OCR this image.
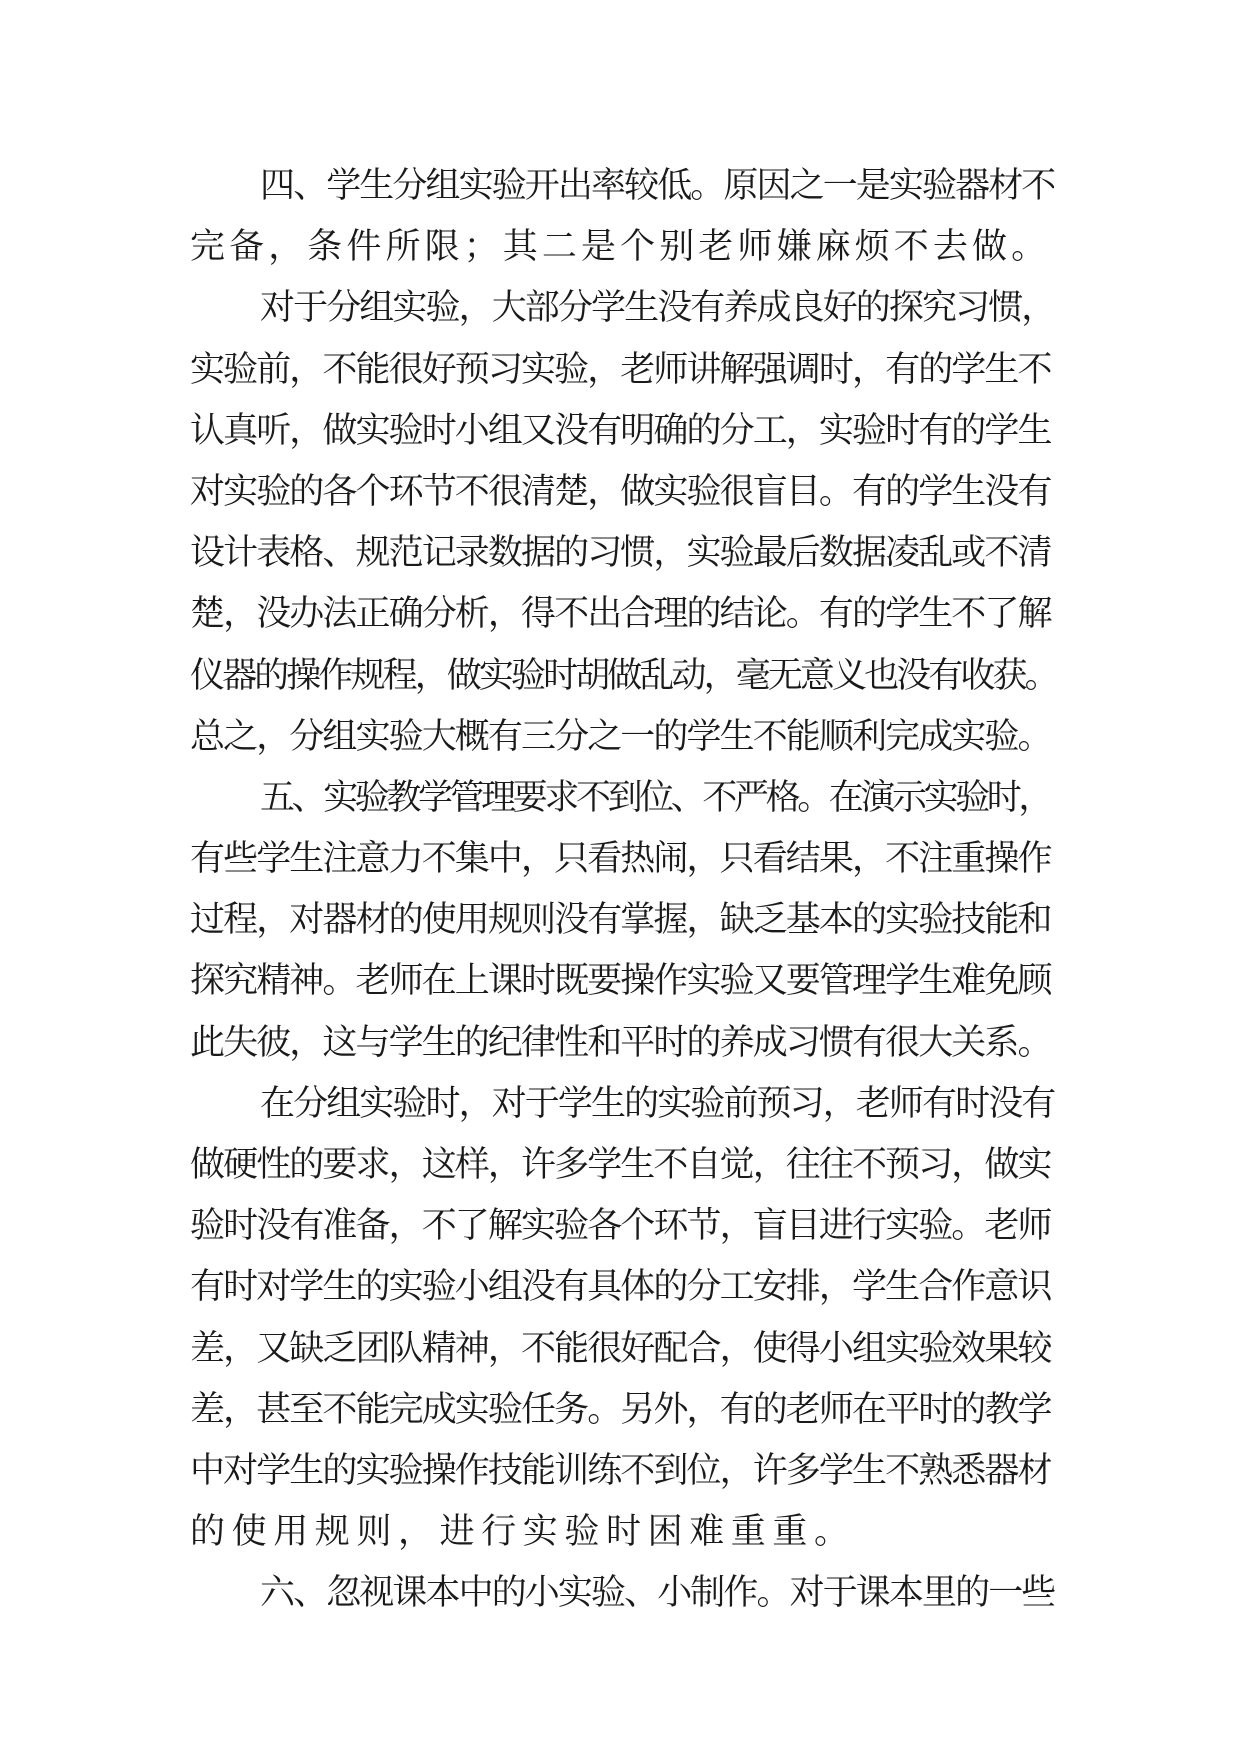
四、学生分组实验开出率较低。原因之一是实验器材不
完备，条件所限；其二是个别老师嫌麻烦不去做。
对于分组实验，大部分学生没有养成良好的探究习惯，
实验前，不能很好预习实验，老师讲解强调时，有的学生不
认真听，做实验时小组又没有明确的分工，实验时有的学生
对实验的各个环节不很清楚，做实验很盲目。有的学生没有
设计表格、规范记录数据的习惯，实验最后数据凌乱或不清
楚，没办法正确分析，得不出合理的结论。有的学生不了解
仪器的操作规程，做实验时胡做乱动，毫无意义也没有收获。
总之，分组实验大概有三分之一的学生不能顺利完成实验。
五、实验教学管理要求不到位、不严格。在演示实验时，
有些学生注意力不集中，只看热闹，只看结果，不注重操作
过程，对器材的使用规则没有掌握，缺乏基本的实验技能和
探究精神。老师在上课时既要操作实验又要管理学生难免顾
此失彼，这与学生的纪律性和平时的养成习惯有很大关系。
在分组实验时，对于学生的实验前预习，老师有时没有
做硬性的要求，这样，许多学生不自觉，往往不预习，做实
验时没有准备，不了解实验各个环节，盲目进行实验。老师
有时对学生的实验小组没有具体的分工安排，学生合作意识
差，又缺乏团队精神，不能很好配合，使得小组实验效果较
差，甚至不能完成实验任务。另外，有的老师在平时的教学
中对学生的实验操作技能训练不到位，许多学生不熟悉器材
的使用规则，进行实验时困难重重。
六、忽视课本中的小实验、小制作。对于课本里的一些
